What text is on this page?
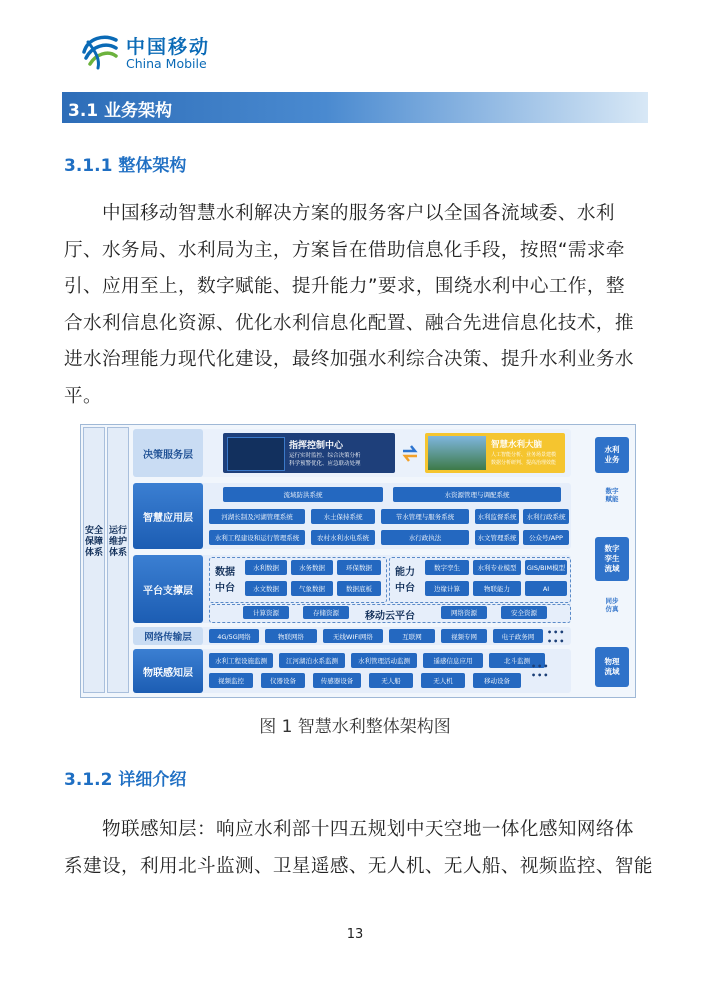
中国移动
China Mobile
3.1 业务架构
3.1.1 整体架构
　　中国移动智慧水利解决方案的服务客户以全国各流域委、水利
厅、水务局、水利局为主，方案旨在借助信息化手段，按照“需求牵
引、应用至上，数字赋能、提升能力”要求，围绕水利中心工作，整
合水利信息化资源、优化水利信息化配置、融合先进信息化技术，推
进水治理能力现代化建设，最终加强水利综合决策、提升水利业务水
平。
安全保障体系
运行维护体系
决策服务层
指挥控制中心
运行实时监控、综合决策分析
科学预警优化、应急联动处理
智慧水利大脑
人工智能分析、业务场景建模
数据分析研判、提高治理效能
智慧应用层
流域防洪系统	水资源管理与调配系统
河湖长制及河湖管理系统	水土保持系统	节水管理与服务系统	水利监督系统	水利行政系统
水利工程建设和运行管理系统	农村水利水电系统	水行政执法	水文管理系统	公众号/APP
平台支撑层
数据
中台
水利数据	水务数据	环保数据
水文数据	气象数据	数据底板
能力
中台
数字孪生	水利专业模型	GIS/BIM模型
边缘计算	物联能力	AI
计算资源	存储资源	移动云平台	网络资源	安全资源
网络传输层	4G/5G网络	物联网络	无线WIFI网络	互联网	视频专网	电子政务网	••• •••
物联感知层
水利工程设施监测	江河湖泊水系监测	水利管理活动监测	遥感信息应用	北斗监测
视频监控	仪器设备	传感器设备	无人船	无人机	移动设备
••• •••
水利
业务
数字
赋能
数字
孪生
流域
同步
仿真
物理
流域
图 1 智慧水利整体架构图
3.1.2 详细介绍
　　物联感知层：响应水利部十四五规划中天空地一体化感知网络体
系建设，利用北斗监测、卫星遥感、无人机、无人船、视频监控、智能
13
